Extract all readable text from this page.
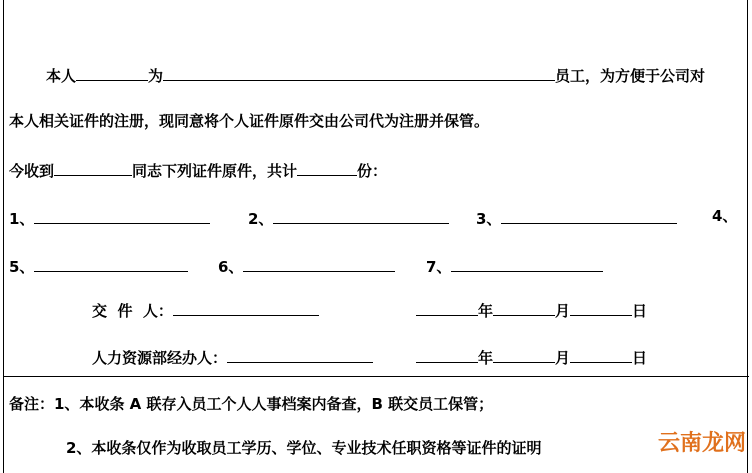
本人	为	员工，为方便于公司对
本人相关证件的注册，现同意将个人证件原件交由公司代为注册并保管。
今收到	同志下列证件原件，共计	份：
1、	2、	3、	4、
5、	6、	7、
交  件  人：	年	月	日
人力资源部经办人：	年	月	日
备注：1、本收条 A 联存入员工个人人事档案内备查，B 联交员工保管；
2、本收条仅作为收取员工学历、学位、专业技术任职资格等证件的证明	云南龙网
